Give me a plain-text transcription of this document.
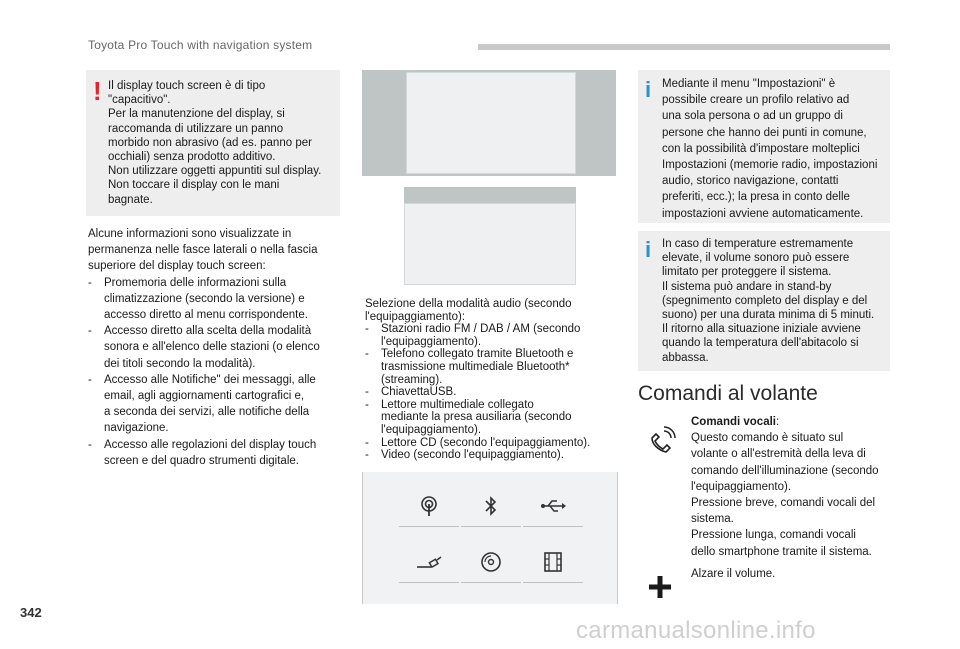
Toyota Pro Touch with navigation system
! Il display touch screen è di tipo
"capacitivo".
Per la manutenzione del display, si
raccomanda di utilizzare un panno
morbido non abrasivo (ad es. panno per
occhiali) senza prodotto additivo.
Non utilizzare oggetti appuntiti sul display.
Non toccare il display con le mani
bagnate.

Alcune informazioni sono visualizzate in

permanenza nelle fasce laterali o nella fascia

superiore del display touch screen:

- Promemoria delle informazioni sulla
climatizzazione (secondo la versione) e
accesso diretto al menu corrispondente.
- Accesso diretto alla scelta della modalità
sonora e all'elenco delle stazioni (o elenco
dei titoli secondo la modalità).
- Accesso alle Notifiche" dei messaggi, alle
email, agli aggiornamenti cartografici e,
a seconda dei servizi, alle notifiche della
navigazione.
- Accesso alle regolazioni del display touch
screen e del quadro strumenti digitale.
Selezione della modalità audio (secondo
l'equipaggiamento):
- Stazioni radio FM / DAB / AM (secondo
l'equipaggiamento).
- Telefono collegato tramite Bluetooth e
trasmissione multimediale Bluetooth*
(streaming).
- ChiavettaUSB.
- Lettore multimediale collegato
mediante la presa ausiliaria (secondo
l'equipaggiamento).
- Lettore CD (secondo l'equipaggiamento).
- Video (secondo l'equipaggiamento).
i Mediante il menu "Impostazioni" è
possibile creare un profilo relativo ad
una sola persona o ad un gruppo di
persone che hanno dei punti in comune,
con la possibilità d'impostare molteplici
Impostazioni (memorie radio, impostazioni
audio, storico navigazione, contatti
preferiti, ecc.); la presa in conto delle
impostazioni avviene automaticamente.
i In caso di temperature estremamente
elevate, il volume sonoro può essere
limitato per proteggere il sistema.
Il sistema può andare in stand-by
(spegnimento completo del display e del
suono) per una durata minima di 5 minuti.
Il ritorno alla situazione iniziale avviene
quando la temperatura dell'abitacolo si
abbassa.
Comandi al volante
Comandi vocali:
Questo comando è situato sul
volante o all'estremità della leva di
comando dell'illuminazione (secondo
l'equipaggiamento).
Pressione breve, comandi vocali del
sistema.
Pressione lunga, comandi vocali
dello smartphone tramite il sistema.
Alzare il volume.
342
carmanualsonline.info
